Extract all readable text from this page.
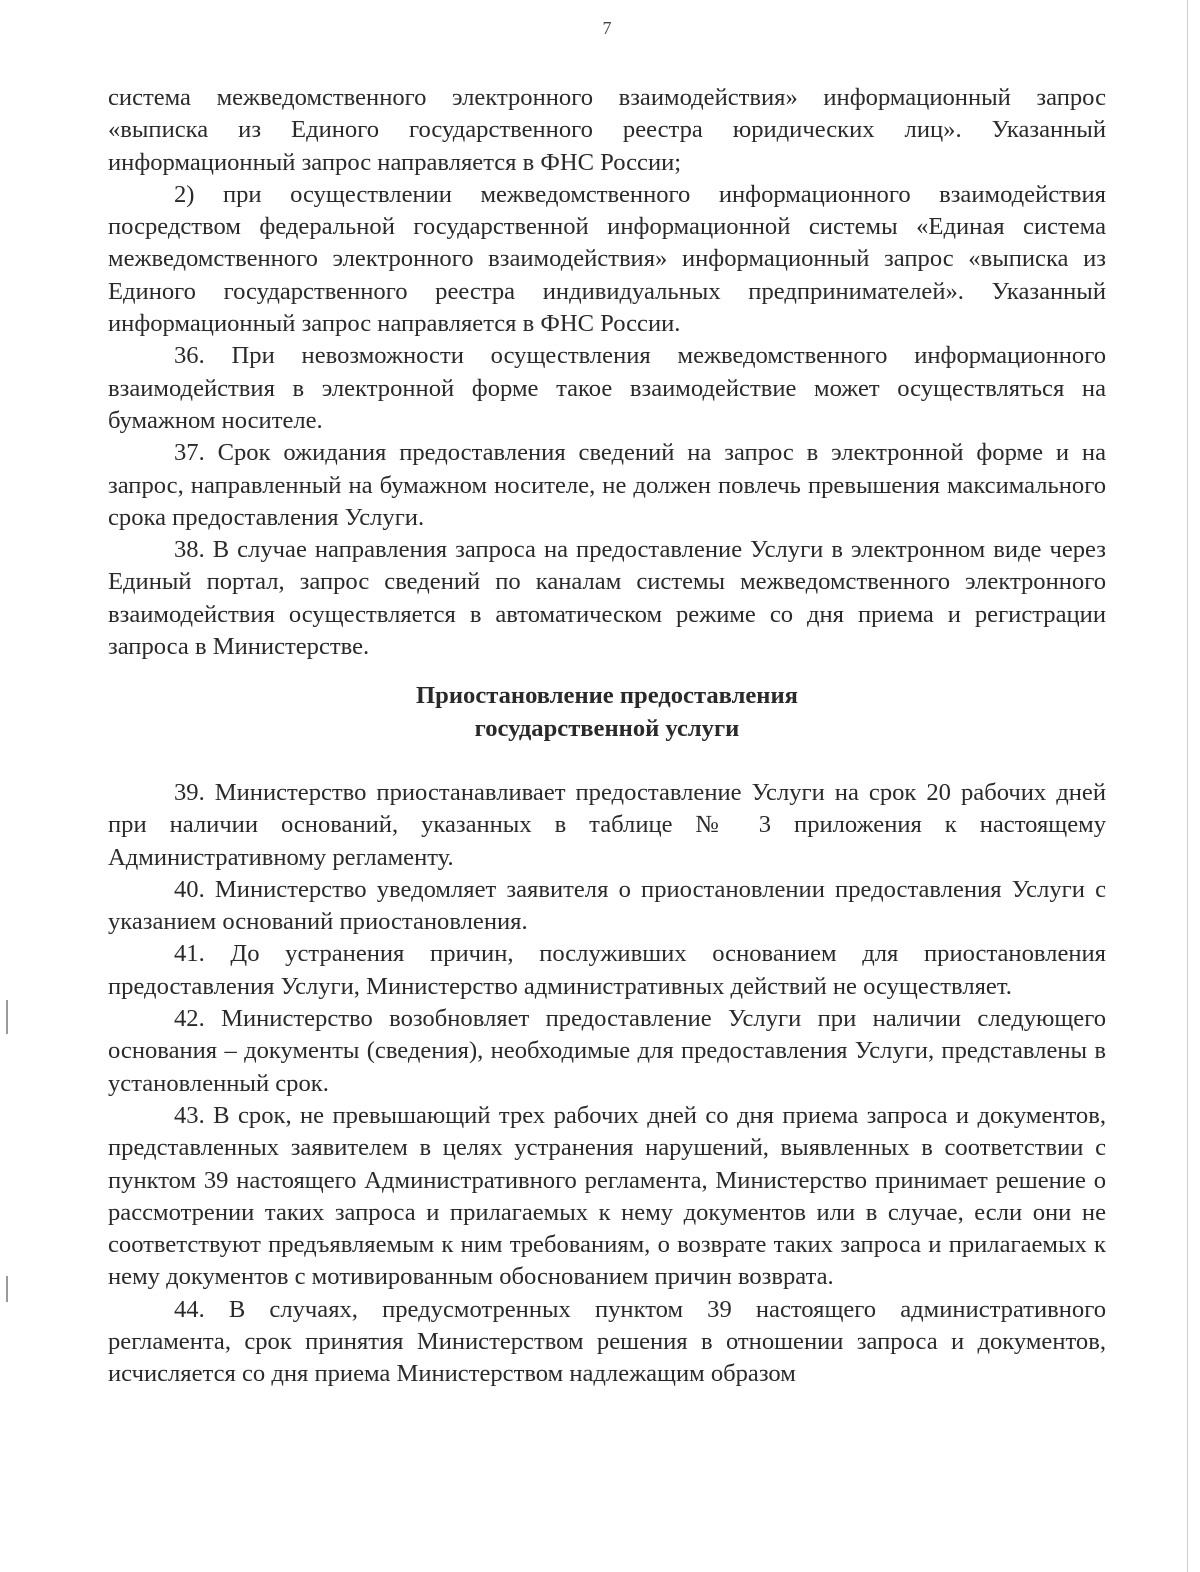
7

система межведомственного электронного взаимодействия» информационный запрос «выписка из Единого государственного реестра юридических лиц». Указанный информационный запрос направляется в ФНС России;

2) при осуществлении межведомственного информационного взаимодействия посредством федеральной государственной информационной системы «Единая система межведомственного электронного взаимодействия» информационный запрос «выписка из Единого государственного реестра индивидуальных предпринимателей». Указанный информационный запрос направляется в ФНС России.

36. При невозможности осуществления межведомственного информационного взаимодействия в электронной форме такое взаимодействие может осуществляться на бумажном носителе.

37. Срок ожидания предоставления сведений на запрос в электронной форме и на запрос, направленный на бумажном носителе, не должен повлечь превышения максимального срока предоставления Услуги.

38. В случае направления запроса на предоставление Услуги в электронном виде через Единый портал, запрос сведений по каналам системы межведомственного электронного взаимодействия осуществляется в автоматическом режиме со дня приема и регистрации запроса в Министерстве.

Приостановление предоставления
государственной услуги

39. Министерство приостанавливает предоставление Услуги на срок 20 рабочих дней при наличии оснований, указанных в таблице № 3 приложения к настоящему Административному регламенту.

40. Министерство уведомляет заявителя о приостановлении предоставления Услуги с указанием оснований приостановления.

41. До устранения причин, послуживших основанием для приостановления предоставления Услуги, Министерство административных действий не осуществляет.

42. Министерство возобновляет предоставление Услуги при наличии следующего основания – документы (сведения), необходимые для предоставления Услуги, представлены в установленный срок.

43. В срок, не превышающий трех рабочих дней со дня приема запроса и документов, представленных заявителем в целях устранения нарушений, выявленных в соответствии с пунктом 39 настоящего Административного регламента, Министерство принимает решение о рассмотрении таких запроса и прилагаемых к нему документов или в случае, если они не соответствуют предъявляемым к ним требованиям, о возврате таких запроса и прилагаемых к нему документов с мотивированным обоснованием причин возврата.

44. В случаях, предусмотренных пунктом 39 настоящего административного регламента, срок принятия Министерством решения в отношении запроса и документов, исчисляется со дня приема Министерством надлежащим образом
